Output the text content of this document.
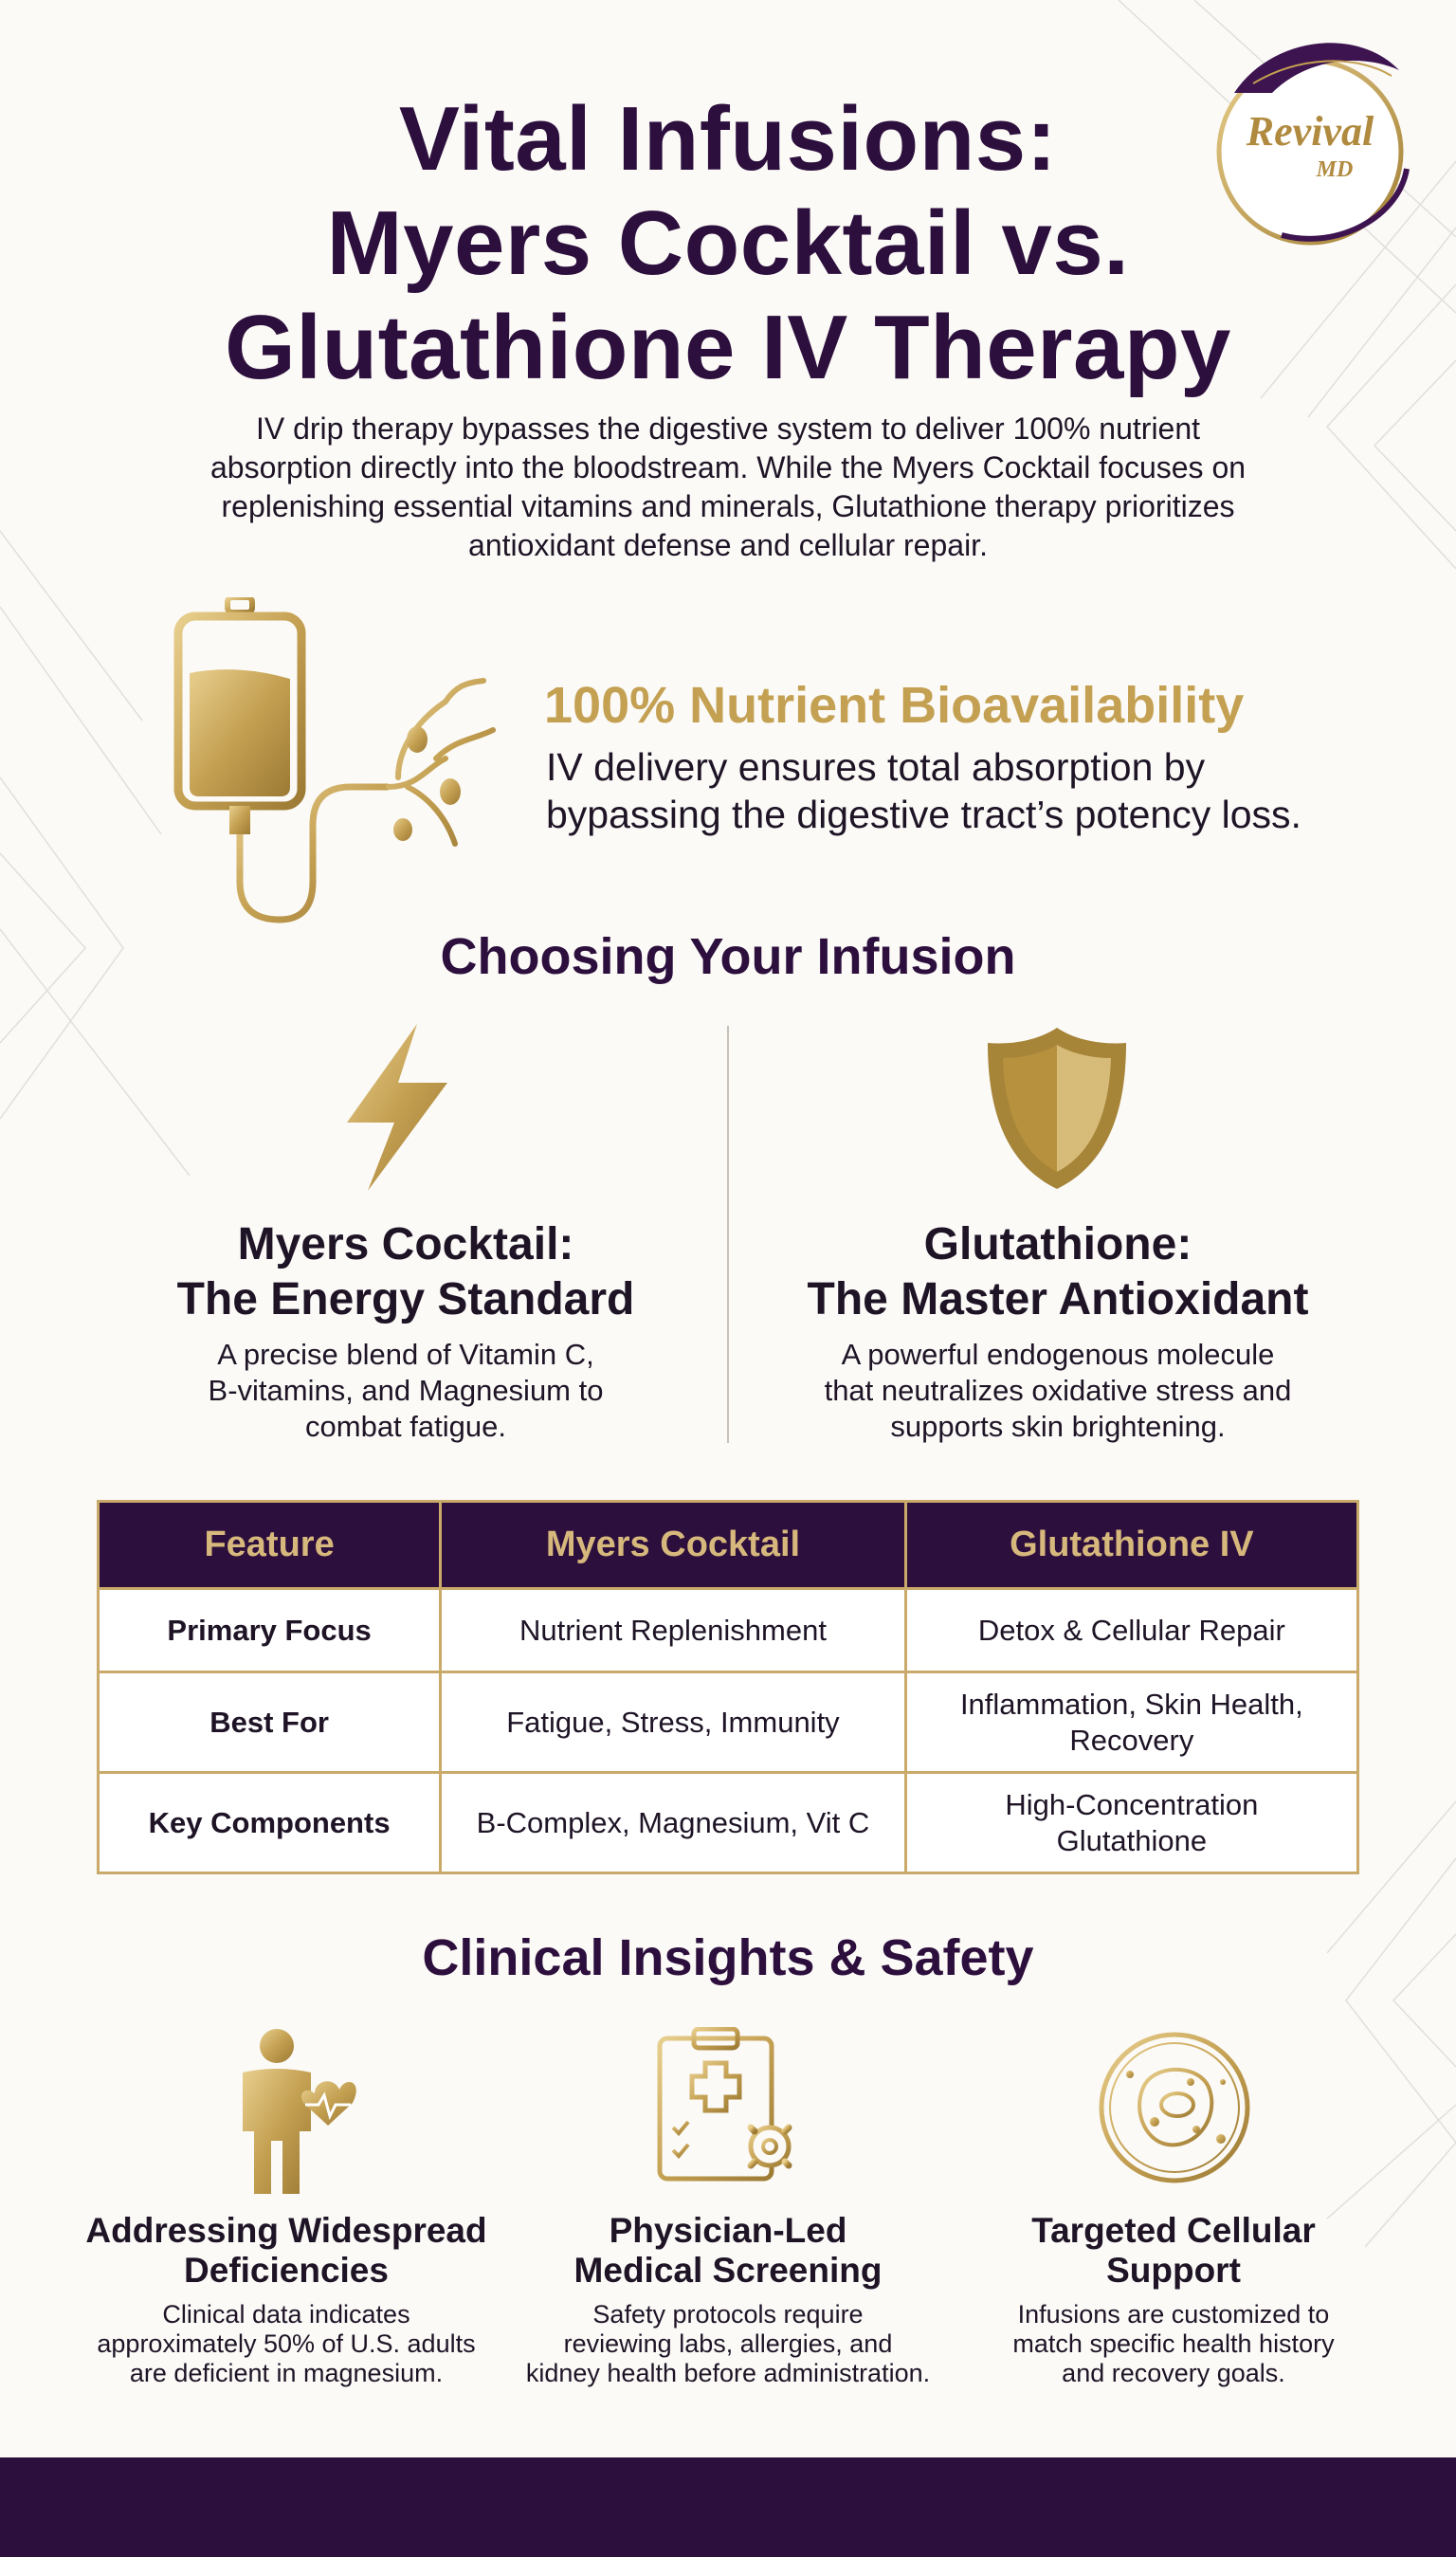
Revival
MD
Vital Infusions:
Myers Cocktail vs.
Glutathione IV Therapy
IV drip therapy bypasses the digestive system to deliver 100% nutrient
absorption directly into the bloodstream. While the Myers Cocktail focuses on
replenishing essential vitamins and minerals, Glutathione therapy prioritizes
antioxidant defense and cellular repair.
100% Nutrient Bioavailability
IV delivery ensures total absorption by
bypassing the digestive tract’s potency loss.
Choosing Your Infusion
Myers Cocktail:
The Energy Standard
A precise blend of Vitamin C,
B-vitamins, and Magnesium to
combat fatigue.
Glutathione:
The Master Antioxidant
A powerful endogenous molecule
that neutralizes oxidative stress and
supports skin brightening.
Feature	Myers Cocktail	Glutathione IV
Primary Focus	Nutrient Replenishment	Detox & Cellular Repair
Best For	Fatigue, Stress, Immunity	Inflammation, Skin Health, Recovery
Key Components	B-Complex, Magnesium, Vit C	High-Concentration Glutathione
Clinical Insights & Safety
Addressing Widespread
Deficiencies
Clinical data indicates
approximately 50% of U.S. adults
are deficient in magnesium.
Physician-Led
Medical Screening
Safety protocols require
reviewing labs, allergies, and
kidney health before administration.
Targeted Cellular
Support
Infusions are customized to
match specific health history
and recovery goals.
